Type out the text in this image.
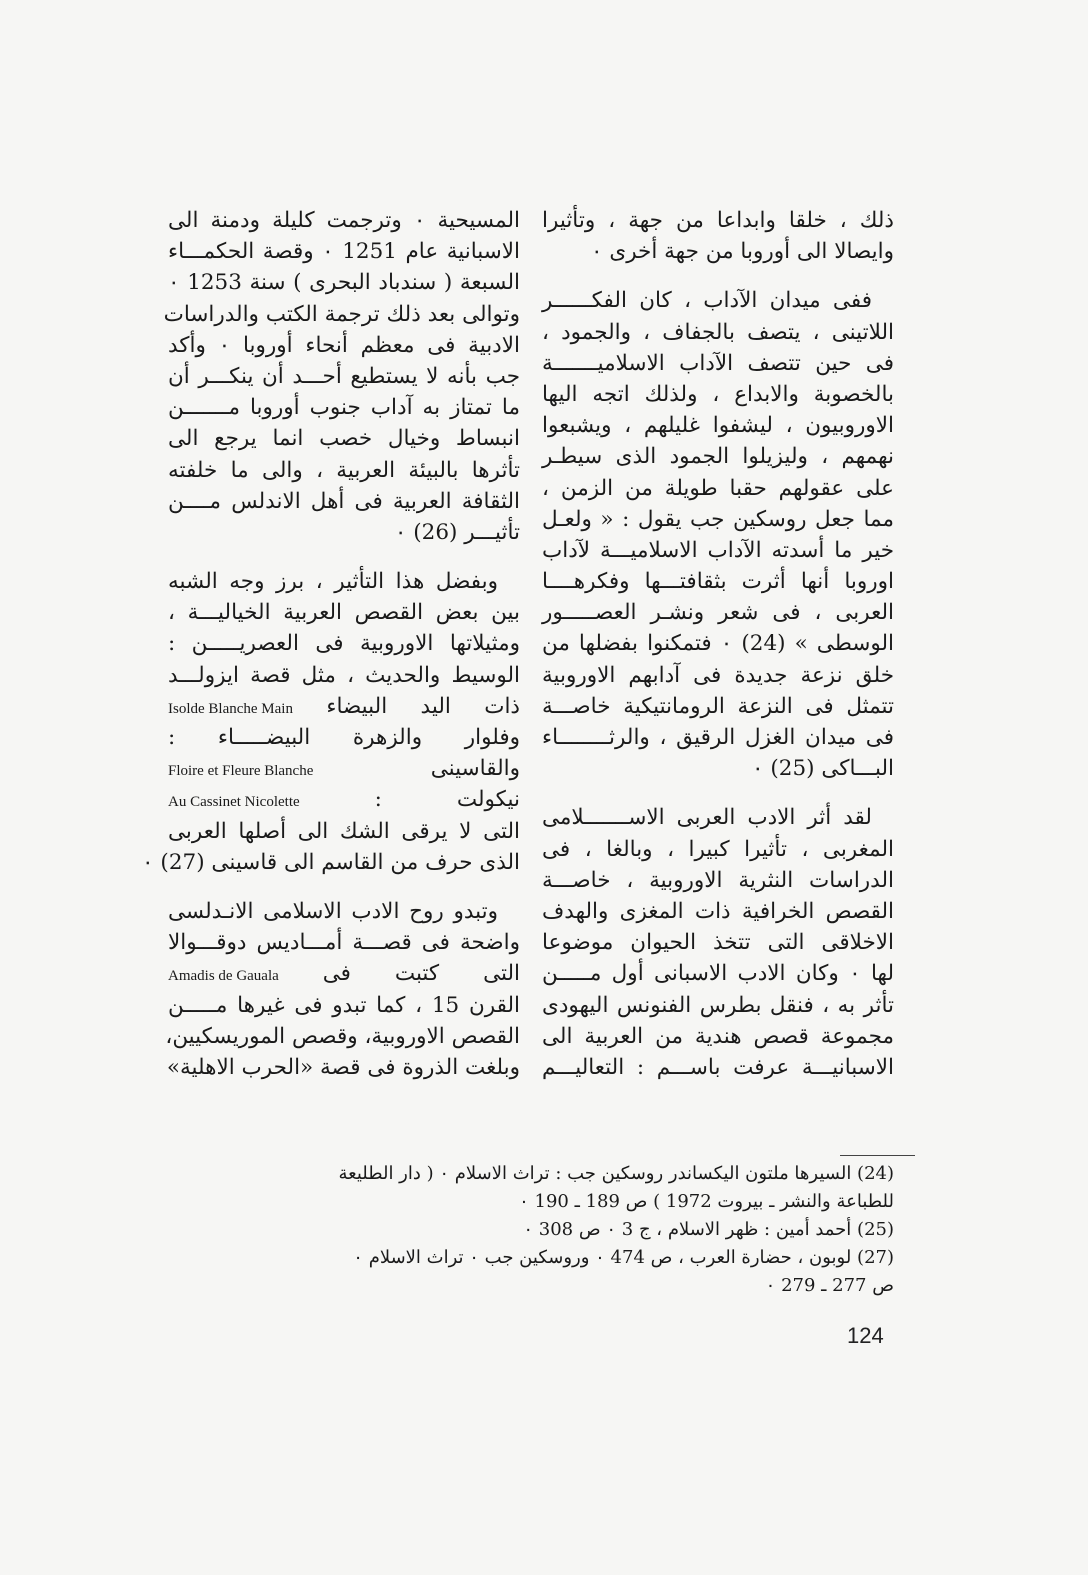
ذلك ، خلقا وابداعا من جهة ، وتأثيرا
وايصالا الى أوروبا من جهة أخرى ٠
ففى ميدان الآداب ، كان الفكــــــر
اللاتينى ، يتصف بالجفاف ، والجمود ،
فى حين تتصف الآداب الاسلاميـــــــة
بالخصوبة والابداع ، ولذلك اتجه اليها
الاوروبيون ، ليشفوا غليلهم ، ويشبعوا
نهمهم ، وليزيلوا الجمود الذى سيطـر
على عقولهم حقبا طويلة من الزمن ،
مما جعل روسكين جب يقول : « ولعـل
خير ما أسدته الآداب الاسلاميـــة لآداب
اوروبا أنها أثرت بثقافتـــها وفكرهــــا
العربى ، فى شعر ونشـر العصـــــور
الوسطى » (24) ٠ فتمكنوا بفضلها من
خلق نزعة جديدة فى آدابهم الاوروبية
تتمثل فى النزعة الرومانتيكية خاصـــة
فى ميدان الغزل الرقيق ، والرثــــــــاء
البـــاكى (25) ٠
لقد أثر الادب العربى الاســـــــلامى
المغربى ، تأثيرا كبيرا ، وبالغا ، فى
الدراسات النثرية الاوروبية ، خاصـــة
القصص الخرافية ذات المغزى والهدف
الاخلاقى التى تتخذ الحيوان موضوعا
لها ٠ وكان الادب الاسبانى أول مـــــن
تأثر به ، فنقل بطرس الفنونس اليهودى
مجموعة قصص هندية من العربية الى
الاسبانيـــة عرفت باســـم : التعاليـــم
المسيحية ٠ وترجمت كليلة ودمنة الى
الاسبانية عام 1251 ٠ وقصة الحكمـــاء
السبعة ( سندباد البحرى ) سنة 1253 ٠
وتوالى بعد ذلك ترجمة الكتب والدراسات
الادبية فى معظم أنحاء أوروبا ٠ وأكد
جب بأنه لا يستطيع أحـــد أن ينكـــر أن
ما تمتاز به آداب جنوب أوروبا مـــــــن
انبساط وخيال خصب انما يرجع الى
تأثرها بالبيئة العربية ، والى ما خلفته
الثقافة العربية فى أهل الاندلس مــــن
تأثيـــر (26) ٠
وبفضل هذا التأثير ، برز وجه الشبه
بين بعض القصص العربية الخياليـــة ،
ومثيلاتها الاوروبية فى العصريـــــن :
الوسيط والحديث ، مثل قصة ايزولـــد
ذات اليد البيضاء Isolde Blanche Main
وفلوار والزهرة البيضـــــاء :
والقاسينى Floire et Fleure Blanche
نيكولت : Au Cassinet Nicolette
التى لا يرقى الشك الى أصلها العربى
الذى حرف من القاسم الى قاسينى (27) ٠
وتبدو روح الادب الاسلامى الانـدلسى
واضحة فى قصـــة أمـــاديس دوقـــوالا
التى كتبت فى Amadis de Gauala
القرن 15 ، كما تبدو فى غيرها مـــــن
القصص الاوروبية، وقصص الموريسكيين،
وبلغت الذروة فى قصة «الحرب الاهلية»
(24) السيرها ملتون اليكساندر روسكين جب : تراث الاسلام ٠ ( دار الطليعة
للطباعة والنشر ـ بيروت 1972 ) ص 189 ـ 190 ٠
(25) أحمد أمين : ظهر الاسلام ، ج 3 ٠ ص 308 ٠
(27) لوبون ، حضارة العرب ، ص 474 ٠ وروسكين جب ٠ تراث الاسلام ٠
ص 277 ـ 279 ٠
124
